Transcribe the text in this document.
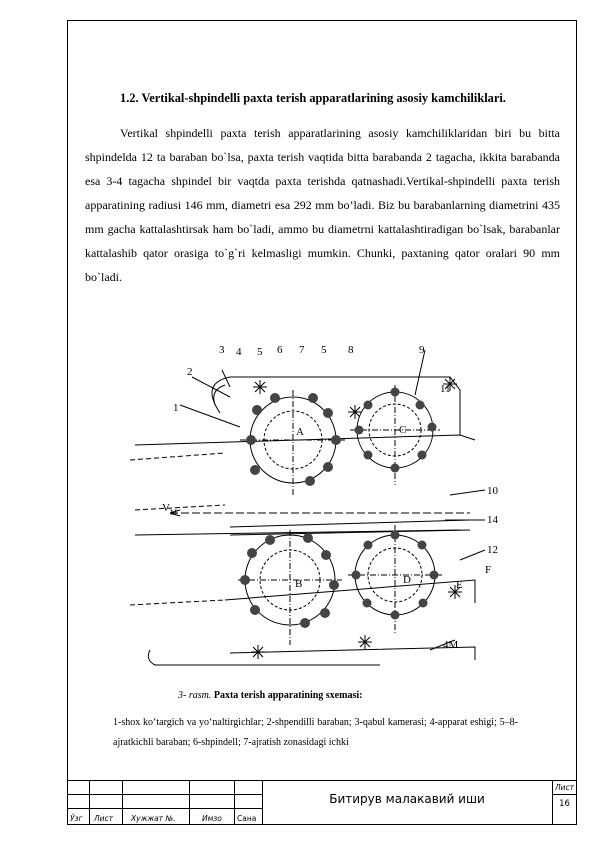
1.2. Vertikal-shpindelli paxta terish apparatlarining asosiy kamchiliklari.

Vertikal shpindelli paxta terish apparatlarining asosiy kamchiliklaridan biri bu bitta shpindelda 12 ta baraban bo`lsa, paxta terish vaqtida bitta barabanda 2 tagacha, ikkita barabanda esa 3-4 tagacha shpindel bir vaqtda paxta terishda qatnashadi.Vertikal-shpindelli paxta terish apparatining radiusi 146 mm, diametri esa 292 mm bo’ladi. Biz bu barabanlarning diametrini 435 mm gacha kattalashtirsak ham bo`ladi, ammo bu diametrni kattalashtiradigan bo`lsak, barabanlar kattalashib qator orasiga to`g`ri kelmasligi mumkin. Chunki, paxtaning qator oralari 90 mm bo`ladi.

1
2
3 4 5 6 7 5 8	9
11
10
14
12
4M
A
B
C
D	E
F
V M
3- rasm. Paxta terish apparatining sxemasi:
1-shox ko‘targich va yo‘naltirgichlar; 2-shpendilli baraban; 3-qabul kamerasi; 4-apparat eshigi; 5–8-ajratkichli baraban; 6-shpindell; 7-ajratish zonasidagi ichki
Ўзг Лист Хужжат №.	Имзо Сана
Битирув малакавий иши
Лист
16
